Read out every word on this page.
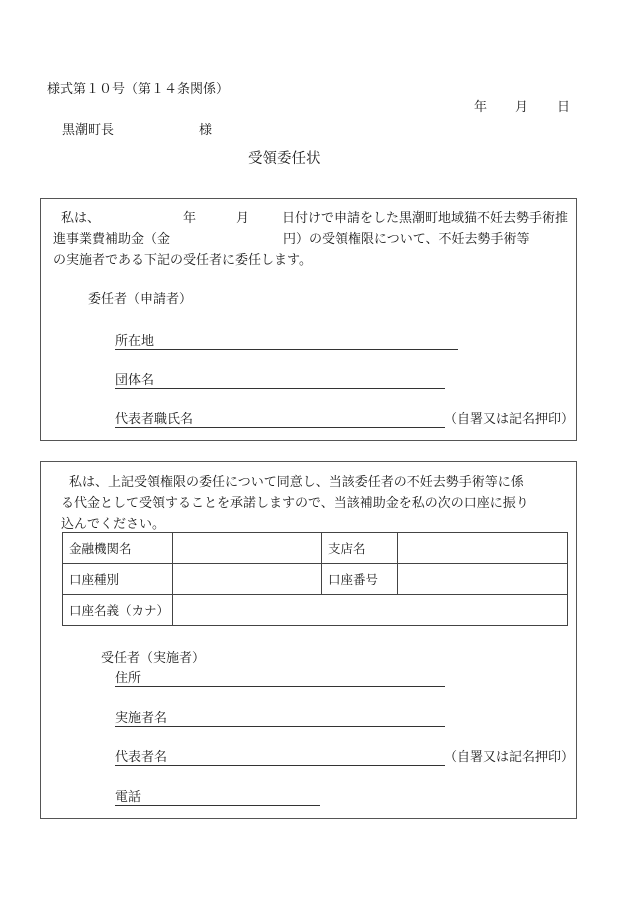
様式第１０号（第１４条関係）
年 月 日
黒潮町長	様
受領委任状
私は、	年	月	日付けで申請をした黒潮町地域猫不妊去勢手術推
進事業費補助金（金	円）の受領権限について、不妊去勢手術等
の実施者である下記の受任者に委任します。
委任者（申請者）
所在地
団体名
代表者職氏名	（自署又は記名押印）
私は、上記受領権限の委任について同意し、当該委任者の不妊去勢手術等に係
る代金として受領することを承諾しますので、当該補助金を私の次の口座に振り
込んでください。
金融機関名		支店名	
口座種別		口座番号	
口座名義（カナ）			
受任者（実施者）
住所
実施者名
代表者名	（自署又は記名押印）
電話
